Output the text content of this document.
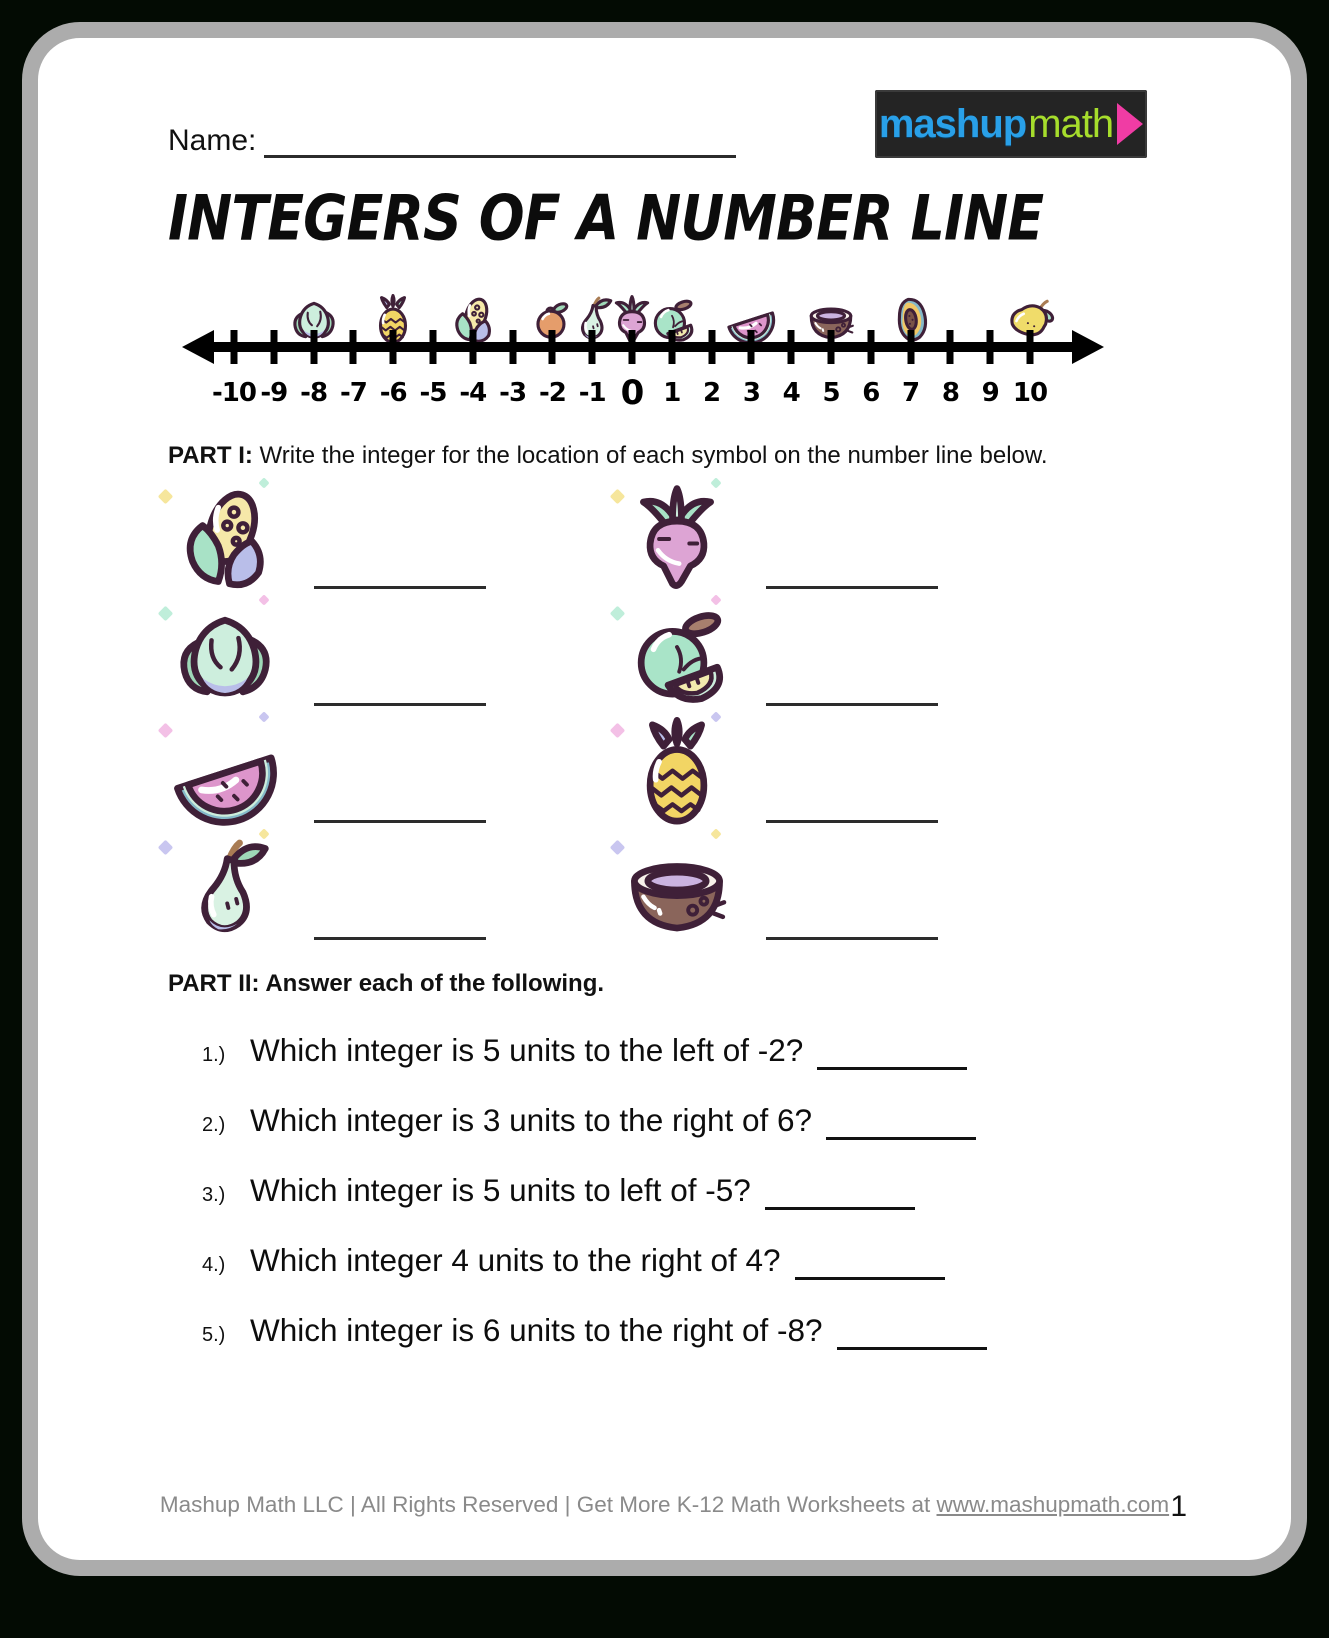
Name:	mashup math
INTEGERS OF A NUMBER LINE
-10 -9 -8 -7 -6 -5 -4 -3 -2 -1 0 1 2 3 4 5 6 7 8 9 10
PART I: Write the integer for the location of each symbol on the number line below.
PART II: Answer each of the following.
1.) Which integer is 5 units to the left of -2?
2.) Which integer is 3 units to the right of 6?
3.) Which integer is 5 units to left of -5?
4.) Which integer 4 units to the right of 4?
5.) Which integer is 6 units to the right of -8?
Mashup Math LLC | All Rights Reserved | Get More K-12 Math Worksheets at www.mashupmath.com 1
